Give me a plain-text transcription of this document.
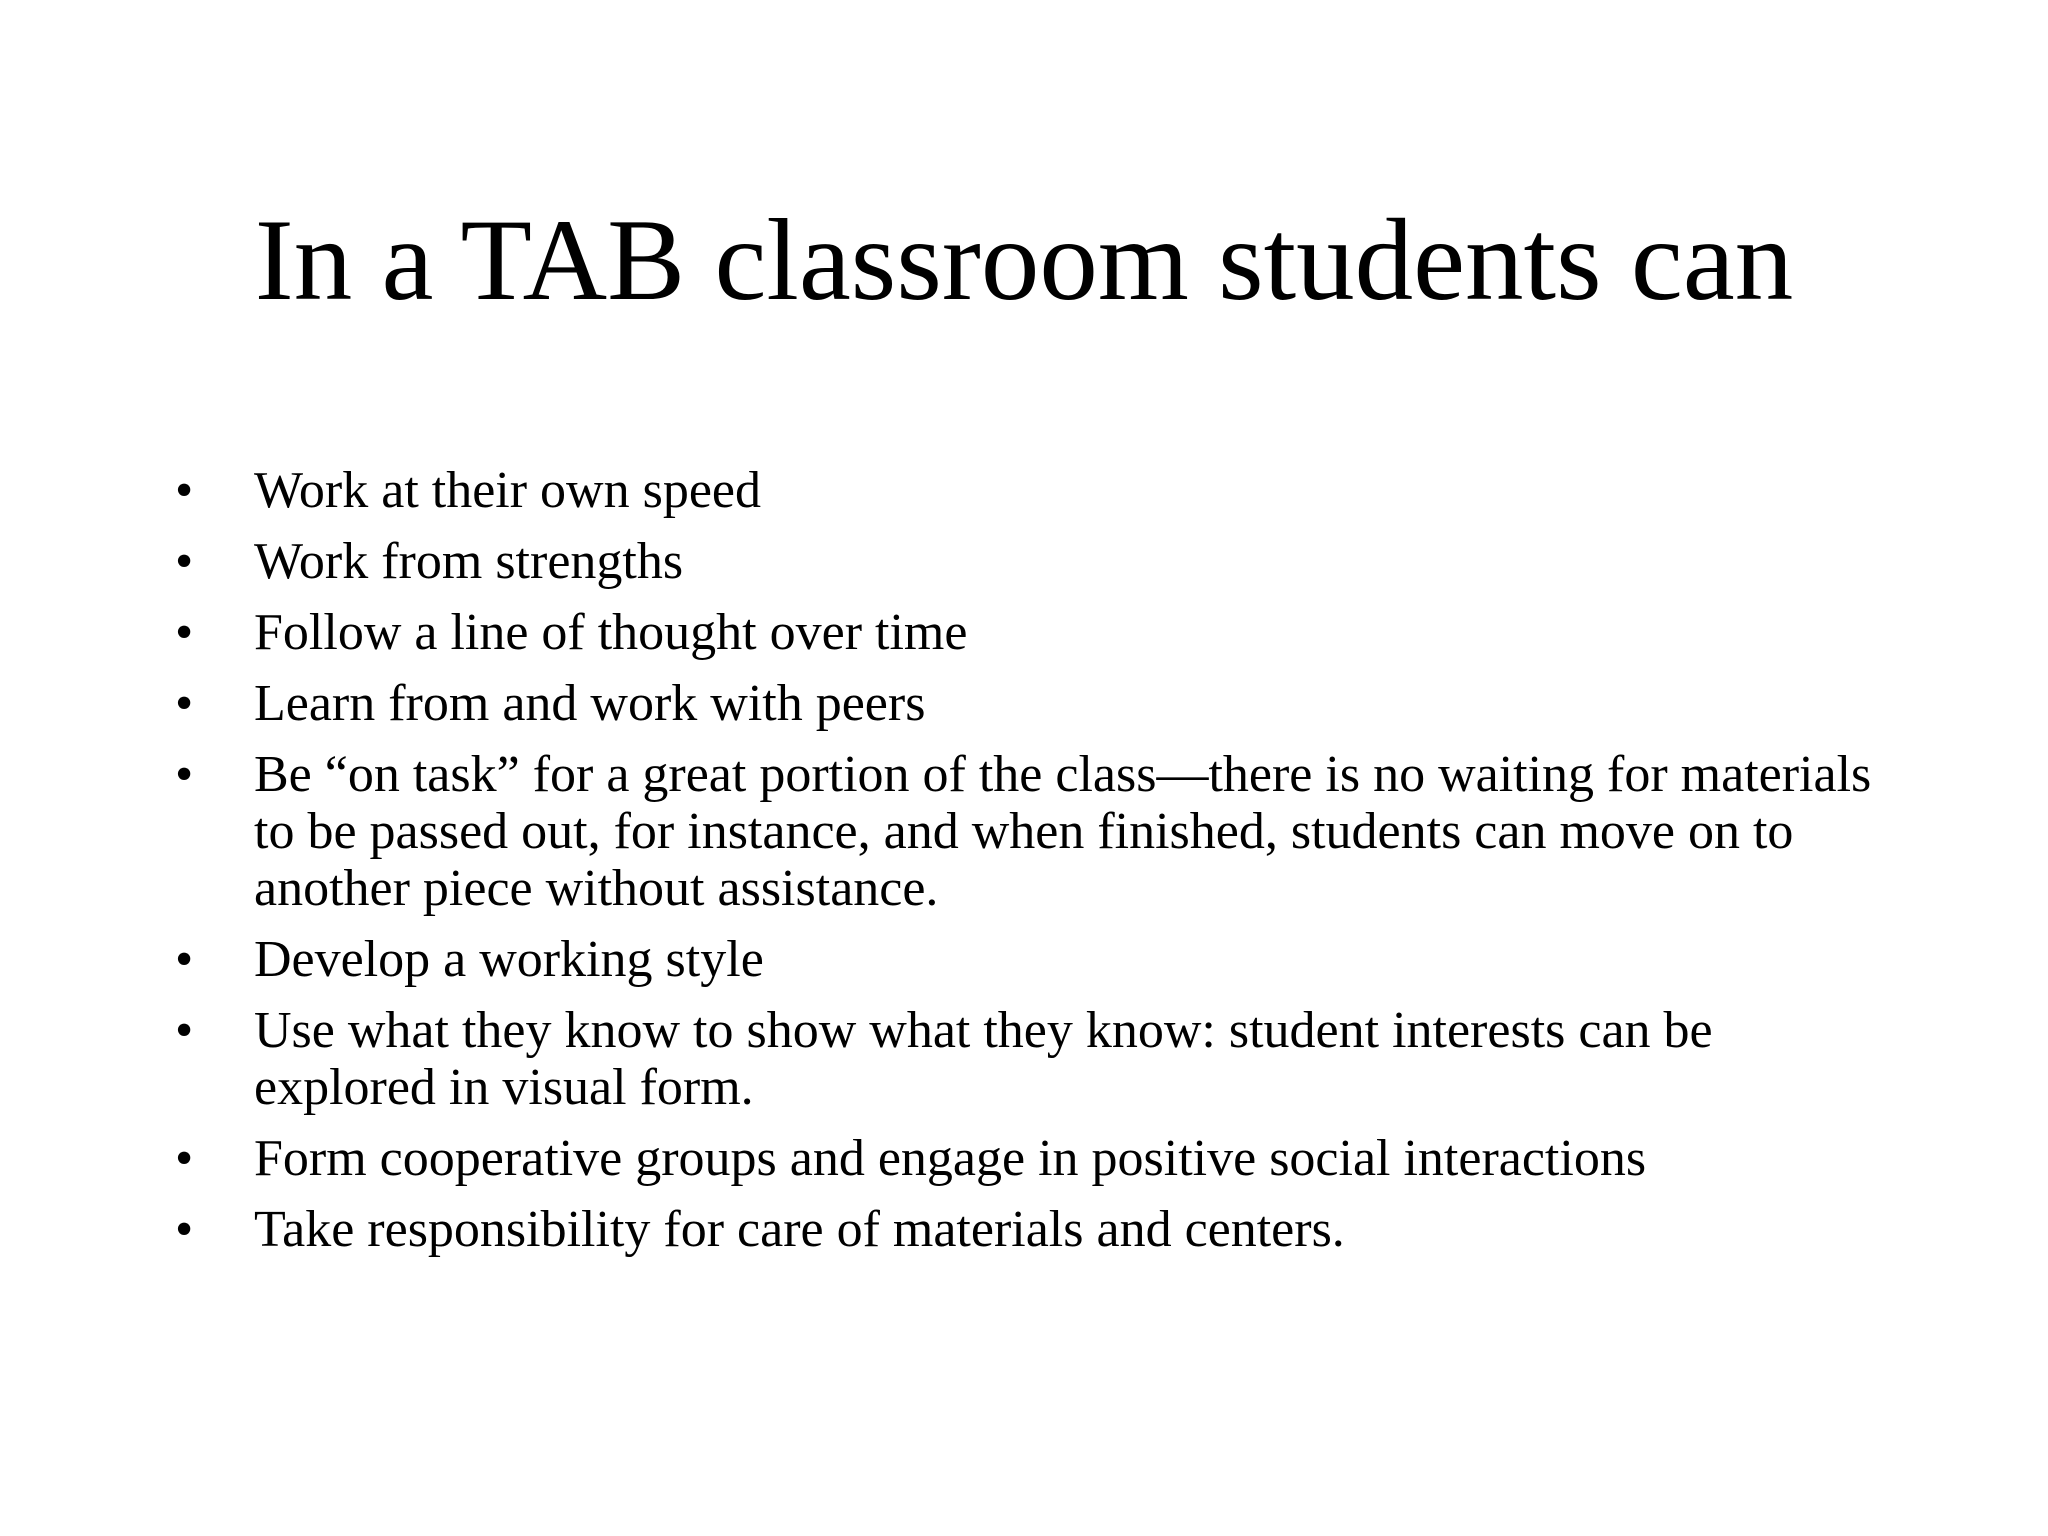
In a TAB classroom students can
• Work at their own speed
• Work from strengths
• Follow a line of thought over time
• Learn from and work with peers
• Be “on task” for a great portion of the class—there is no waiting for materials to be passed out, for instance, and when finished, students can move on to another piece without assistance.
• Develop a working style
• Use what they know to show what they know: student interests can be explored in visual form.
• Form cooperative groups and engage in positive social interactions
• Take responsibility for care of materials and centers.
